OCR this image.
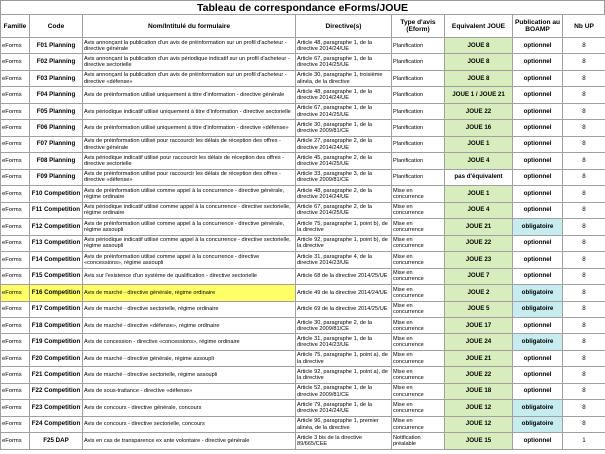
Tableau de correspondance eForms/JOUE
Famille	Code	Nom/Intitulé du formulaire	Directive(s)	Type d'avis (Eform)	Equivalent JOUE	Publication au BOAMP	Nb UP
eForms	F01 Planning	Avis annonçant la publication d'un avis de préinformation sur un profil d'acheteur - directive générale	Article 48, paragraphe 1, de la directive 2014/24/UE	Planification	JOUE 8	optionnel	8
eForms	F02 Planning	Avis annonçant la publication d'un avis périodique indicatif sur un profil d'acheteur - directive sectorielle	Article 67, paragraphe 1, de la directive 2014/25/UE	Planification	JOUE 8	optionnel	8
eForms	F03 Planning	Avis annonçant la publication d'un avis de préinformation sur un profil d'acheteur - directive «défense»	Article 30, paragraphe 1, troisième alinéa, de la directive	Planification	JOUE 8	optionnel	8
eForms	F04 Planning	Avis de préinformation utilisé uniquement à titre d'information - directive générale	Article 48, paragraphe 1, de la directive 2014/24/UE	Planification	JOUE 1 / JOUE 21	optionnel	8
eForms	F05 Planning	Avis périodique indicatif utilisé uniquement à titre d'information - directive sectorielle	Article 67, paragraphe 1, de la directive 2014/25/UE	Planification	JOUE 22	optionnel	8
eForms	F06 Planning	Avis de préinformation utilisé uniquement à titre d'information - directive «défense»	Article 30, paragraphe 1, de la directive 2009/81/CE	Planification	JOUE 16	optionnel	8
eForms	F07 Planning	Avis de préinformation utilisé pour raccourcir les délais de réception des offres - directive générale	Article 27, paragraphe 2, de la directive 2014/24/UE	Planification	JOUE 1	optionnel	8
eForms	F08 Planning	Avis périodique indicatif utilisé pour raccourcir les délais de réception des offres - directive sectorielle	Article 45, paragraphe 2, de la directive 2014/25/UE	Planification	JOUE 4	optionnel	8
eForms	F09 Planning	Avis de préinformation utilisé pour raccourcir les délais de réception des offres - directive «défense»	Article 33, paragraphe 3, de la directive 2009/81/CE	Planification	pas d'équivalent	optionnel	8
eForms	F10 Competition	Avis de préinformation utilisé comme appel à la concurrence - directive générale, régime ordinaire	Article 48, paragraphe 2, de la directive 2014/24/UE	Mise en concurrence	JOUE 1	optionnel	8
eForms	F11 Competition	Avis périodique indicatif utilisé comme appel à la concurrence - directive sectorielle, régime ordinaire	Article 67, paragraphe 2, de la directive 2014/25/UE	Mise en concurrence	JOUE 4	optionnel	8
eForms	F12 Competition	Avis de préinformation utilisé comme appel à la concurrence - directive générale, régime assoupli	Article 75, paragraphe 1, point b), de la directive	Mise en concurrence	JOUE 21	obligatoire	8
eForms	F13 Competition	Avis périodique indicatif utilisé comme appel à la concurrence - directive sectorielle, régime assoupli	Article 92, paragraphe 1, point b), de la directive	Mise en concurrence	JOUE 22	optionnel	8
eForms	F14 Competition	Avis de préinformation utilisé comme appel à la concurrence - directive «concessions», régime assoupli	Article 31, paragraphe 4, de la directive 2014/23/UE	Mise en concurrence	JOUE 23	optionnel	8
eForms	F15 Competition	Avis sur l'existence d'un système de qualification - directive sectorielle	Article 68 de la directive 2014/25/UE	Mise en concurrence	JOUE 7	optionnel	8
eForms	F16 Competition	Avis de marché - directive générale, régime ordinaire	Article 49 de la directive 2014/24/UE	Mise en concurrence	JOUE 2	obligatoire	8
eForms	F17 Competition	Avis de marché - directive sectorielle, régime ordinaire	Article 69 de la directive 2014/25/UE	Mise en concurrence	JOUE 5	obligatoire	8
eForms	F18 Competition	Avis de marché - directive «défense», régime ordinaire	Article 30, paragraphe 2, de la directive 2009/81/CE	Mise en concurrence	JOUE 17	optionnel	8
eForms	F19 Competition	Avis de concession - directive «concessions», régime ordinaire	Article 31, paragraphe 1, de la directive 2014/23/UE	Mise en concurrence	JOUE 24	obligatoire	8
eForms	F20 Competition	Avis de marché - directive générale, régime assoupli	Article 75, paragraphe 1, point a), de la directive	Mise en concurrence	JOUE 21	optionnel	8
eForms	F21 Competition	Avis de marché - directive sectorielle, régime assoupli	Article 92, paragraphe 1, point a), de la directive	Mise en concurrence	JOUE 22	optionnel	8
eForms	F22 Competition	Avis de sous-traitance - directive «défense»	Article 52, paragraphe 1, de la directive 2009/81/CE	Mise en concurrence	JOUE 18	optionnel	8
eForms	F23 Competition	Avis de concours - directive générale, concours	Article 79, paragraphe 1, de la directive 2014/24/UE	Mise en concurrence	JOUE 12	obligatoire	8
eForms	F24 Competition	Avis de concours - directive sectorielle, concours	Article 96, paragraphe 1, premier alinéa, de la directive	Mise en concurrence	JOUE 12	obligatoire	8
eForms	F25 DAP	Avis en cas de transparence ex ante volontaire - directive générale	Article 3 bis de la directive 89/665/CEE	Notification préalable	JOUE 15	optionnel	1
